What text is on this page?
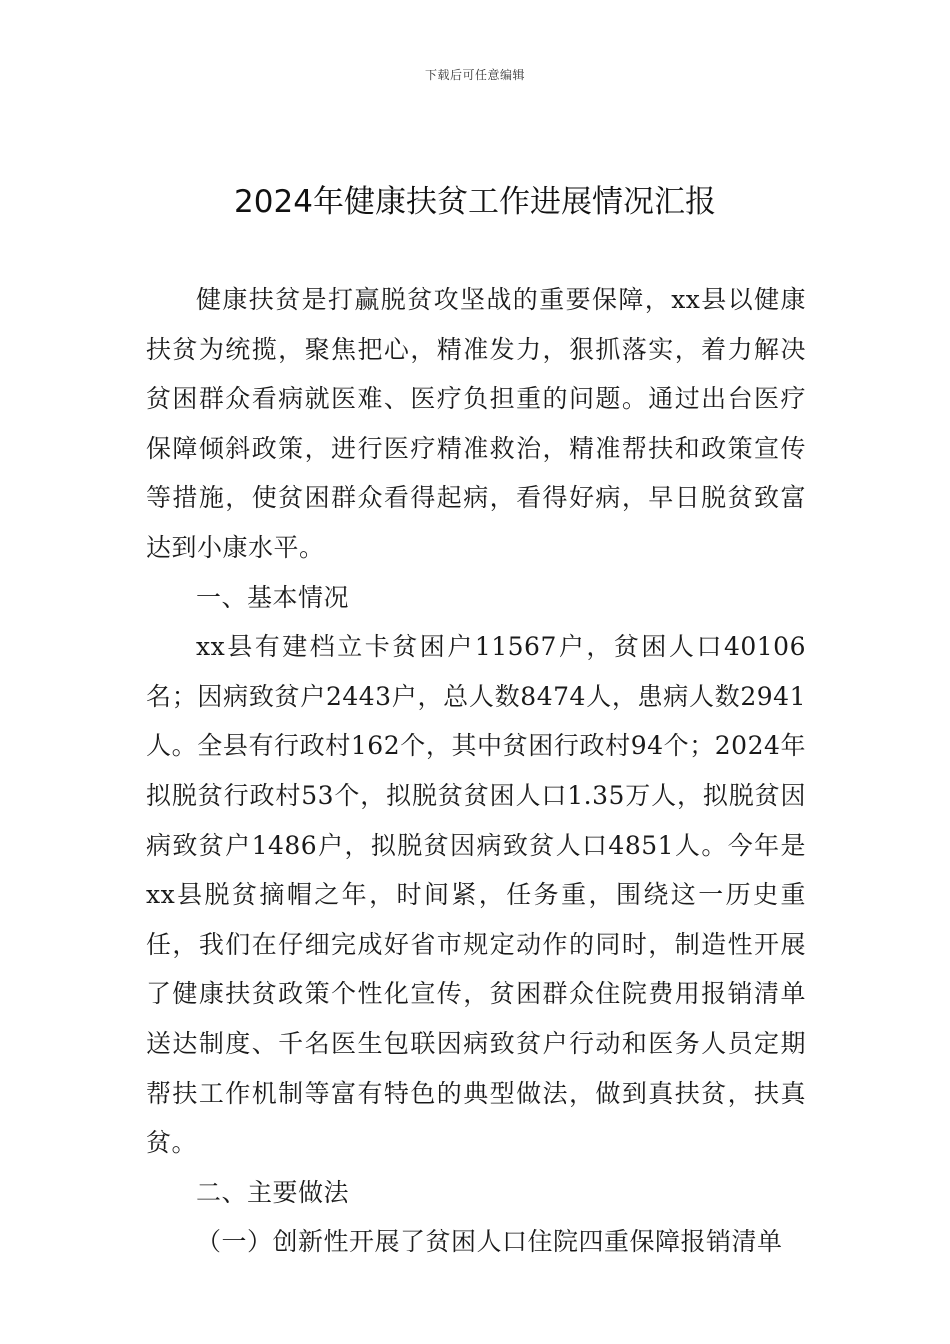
下载后可任意编辑
2024年健康扶贫工作进展情况汇报

健康扶贫是打赢脱贫攻坚战的重要保障，xx县以健康扶贫为统揽，聚焦把心，精准发力，狠抓落实，着力解决贫困群众看病就医难、医疗负担重的问题。通过出台医疗保障倾斜政策，进行医疗精准救治，精准帮扶和政策宣传等措施，使贫困群众看得起病，看得好病，早日脱贫致富达到小康水平。

一、基本情况

xx县有建档立卡贫困户11567户，贫困人口40106名；因病致贫户2443户，总人数8474人，患病人数2941人。全县有行政村162个，其中贫困行政村94个；2024年拟脱贫行政村53个，拟脱贫贫困人口1.35万人，拟脱贫因病致贫户1486户，拟脱贫因病致贫人口4851人。今年是xx县脱贫摘帽之年，时间紧，任务重，围绕这一历史重任，我们在仔细完成好省市规定动作的同时，制造性开展了健康扶贫政策个性化宣传，贫困群众住院费用报销清单送达制度、千名医生包联因病致贫户行动和医务人员定期帮扶工作机制等富有特色的典型做法，做到真扶贫，扶真贫。

二、主要做法

（一）创新性开展了贫困人口住院四重保障报销清单
